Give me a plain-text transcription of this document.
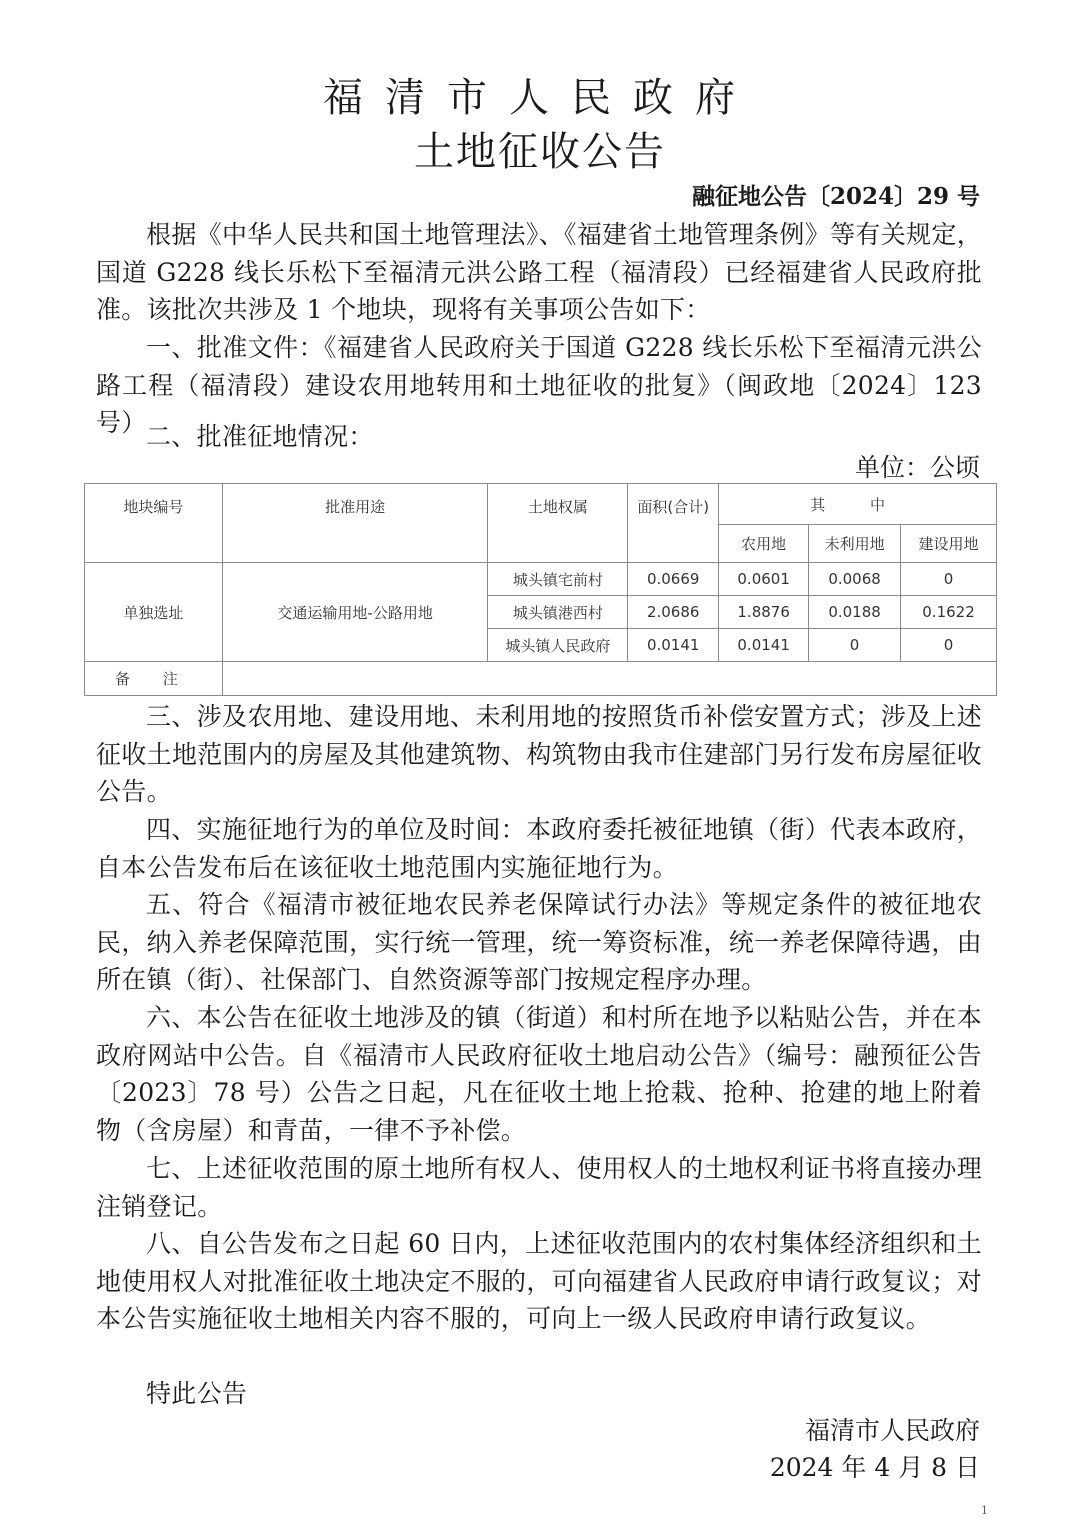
福清市人民政府
土地征收公告
融征地公告〔2024〕29 号

根据《中华人民共和国土地管理法》、《福建省土地管理条例》等有关规定，国道 G228 线长乐松下至福清元洪公路工程（福清段）已经福建省人民政府批准。该批次共涉及 1 个地块，现将有关事项公告如下：

一、批准文件：《福建省人民政府关于国道 G228 线长乐松下至福清元洪公路工程（福清段）建设农用地转用和土地征收的批复》（闽政地〔2024〕123 号） 二、批准征地情况：

单位：公顷
地块编号	批准用途	土地权属	面积(合计)	其 中		
				农用地	未利用地	建设用地
单独选址	交通运输用地-公路用地	城头镇宅前村	0.0669	0.0601	0.0068	0
		城头镇港西村	2.0686	1.8876	0.0188	0.1622
		城头镇人民政府	0.0141	0.0141	0	0
备 注						

三、涉及农用地、建设用地、未利用地的按照货币补偿安置方式；涉及上述征收土地范围内的房屋及其他建筑物、构筑物由我市住建部门另行发布房屋征收公告。

四、实施征地行为的单位及时间：本政府委托被征地镇（街）代表本政府，自本公告发布后在该征收土地范围内实施征地行为。

五、符合《福清市被征地农民养老保障试行办法》等规定条件的被征地农民，纳入养老保障范围，实行统一管理，统一筹资标准，统一养老保障待遇，由所在镇（街）、社保部门、自然资源等部门按规定程序办理。

六、本公告在征收土地涉及的镇（街道）和村所在地予以粘贴公告，并在本政府网站中公告。自《福清市人民政府征收土地启动公告》（编号：融预征公告〔2023〕78 号）公告之日起，凡在征收土地上抢栽、抢种、抢建的地上附着物（含房屋）和青苗，一律不予补偿。

七、上述征收范围的原土地所有权人、使用权人的土地权利证书将直接办理注销登记。

八、自公告发布之日起 60 日内，上述征收范围内的农村集体经济组织和土地使用权人对批准征收土地决定不服的，可向福建省人民政府申请行政复议；对本公告实施征收土地相关内容不服的，可向上一级人民政府申请行政复议。

特此公告

福清市人民政府
2024 年 4 月 8 日
1
